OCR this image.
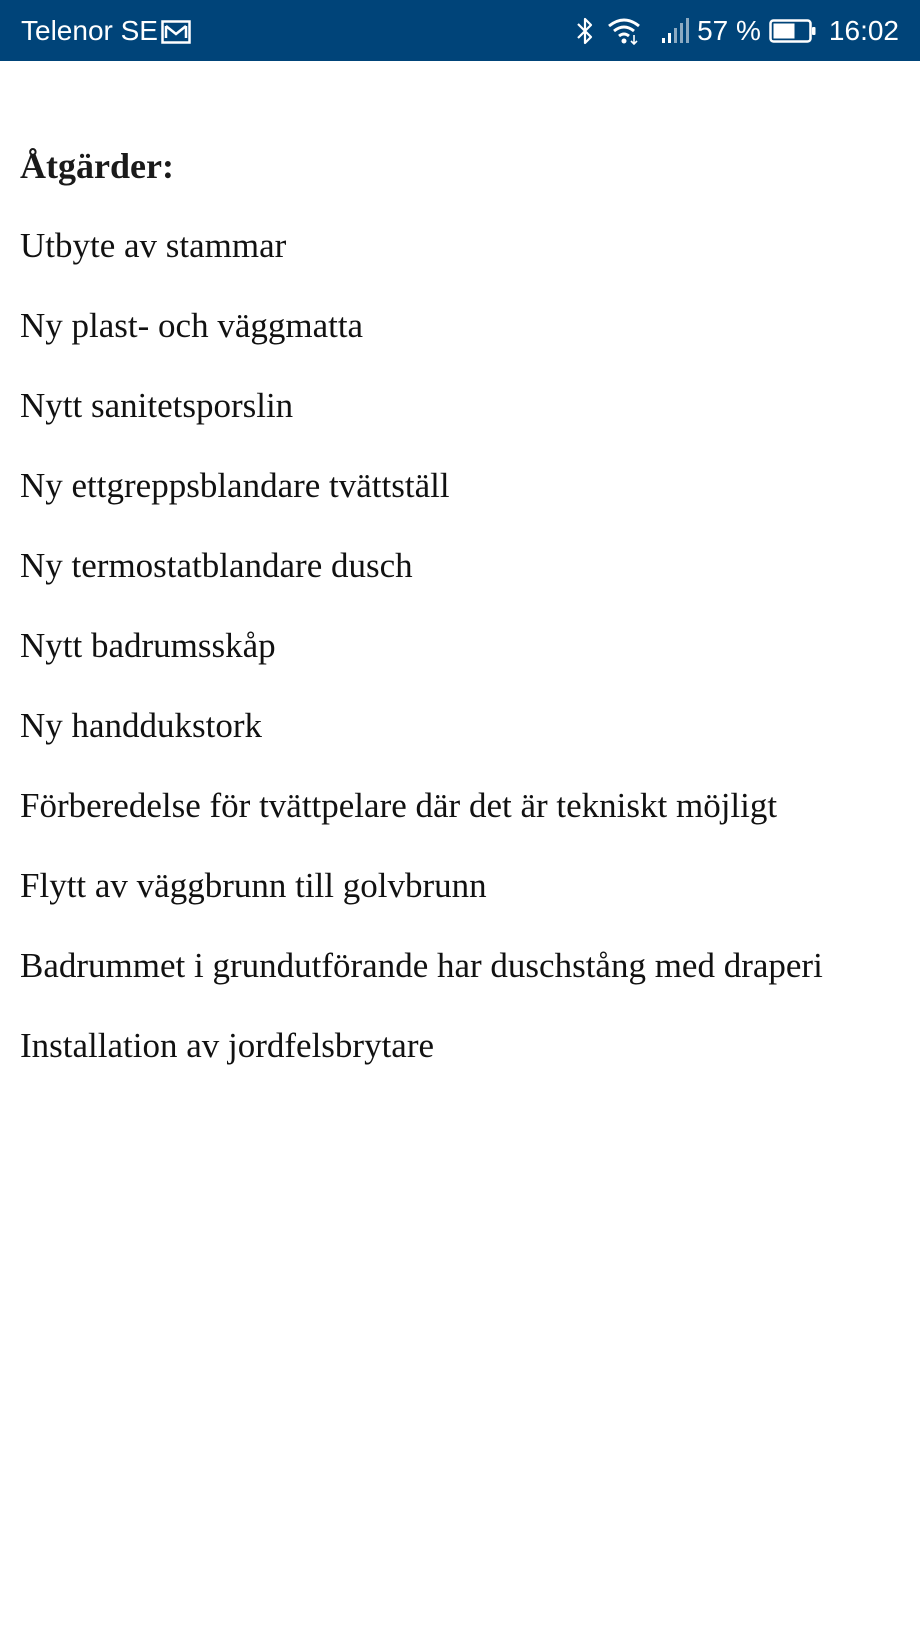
Telenor SE	57 % 16:02
Åtgärder:
Utbyte av stammar
Ny plast- och väggmatta
Nytt sanitetsporslin
Ny ettgreppsblandare tvättställ
Ny termostatblandare dusch
Nytt badrumsskåp
Ny handdukstork
Förberedelse för tvättpelare där det är tekniskt möjligt
Flytt av väggbrunn till golvbrunn
Badrummet i grundutförande har duschstång med draperi
Installation av jordfelsbrytare
